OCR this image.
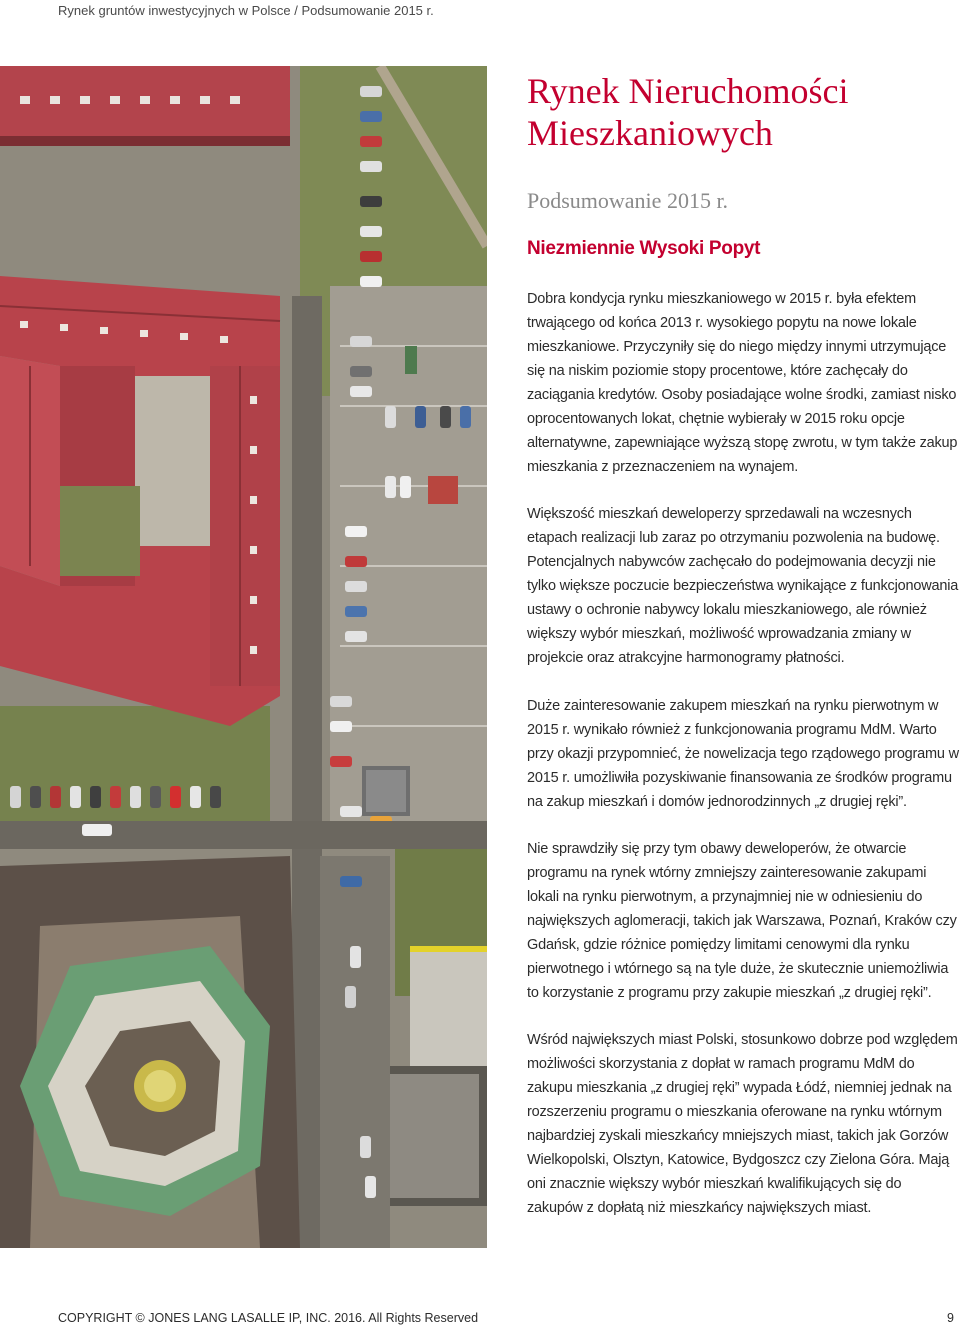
Rynek gruntów inwestycyjnych w Polsce / Podsumowanie 2015 r.
Rynek Nieruchomości Mieszkaniowych
Podsumowanie 2015 r.
Niezmiennie Wysoki Popyt

Dobra kondycja rynku mieszkaniowego w 2015 r. była efektem trwającego od końca 2013 r. wysokiego popytu na nowe lokale mieszkaniowe. Przyczyniły się do niego między innymi utrzymujące się na niskim poziomie stopy procentowe, które zachęcały do zaciągania kredytów. Osoby posiadające wolne środki, zamiast nisko oprocentowanych lokat, chętnie wybierały w 2015 roku opcje alternatywne, zapewniające wyższą stopę zwrotu, w tym także zakup mieszkania z przeznaczeniem na wynajem.

Większość mieszkań deweloperzy sprzedawali na wczesnych etapach realizacji lub zaraz po otrzymaniu pozwolenia na budowę. Potencjalnych nabywców zachęcało do podejmowania decyzji nie tylko większe poczucie bezpieczeństwa wynikające z funkcjonowania ustawy o ochronie nabywcy lokalu mieszkaniowego, ale również większy wybór mieszkań, możliwość wprowadzania zmiany w projekcie oraz atrakcyjne harmonogramy płatności.

Duże zainteresowanie zakupem mieszkań na rynku pierwotnym w 2015 r. wynikało również z funkcjonowania programu MdM. Warto przy okazji przypomnieć, że nowelizacja tego rządowego programu w 2015 r. umożliwiła pozyskiwanie finansowania ze środków programu na zakup mieszkań i domów jednorodzinnych „z drugiej ręki”.

Nie sprawdziły się przy tym obawy deweloperów, że otwarcie programu na rynek wtórny zmniejszy zainteresowanie zakupami lokali na rynku pierwotnym, a przynajmniej nie w odniesieniu do największych aglomeracji, takich jak Warszawa, Poznań, Kraków czy Gdańsk, gdzie różnice pomiędzy limitami cenowymi dla rynku pierwotnego i wtórnego są na tyle duże, że skutecznie uniemożliwia to korzystanie z programu przy zakupie mieszkań „z drugiej ręki”.

Wśród największych miast Polski, stosunkowo dobrze pod względem możliwości skorzystania z dopłat w ramach programu MdM do zakupu mieszkania „z drugiej ręki” wypada Łódź, niemniej jednak na rozszerzeniu programu o mieszkania oferowane na rynku wtórnym najbardziej zyskali mieszkańcy mniejszych miast, takich jak Gorzów Wielkopolski, Olsztyn, Katowice, Bydgoszcz czy Zielona Góra. Mają oni znacznie większy wybór mieszkań kwalifikujących się do zakupów z dopłatą niż mieszkańcy największych miast.

COPYRIGHT © JONES LANG LASALLE IP, INC. 2016. All Rights Reserved	9
